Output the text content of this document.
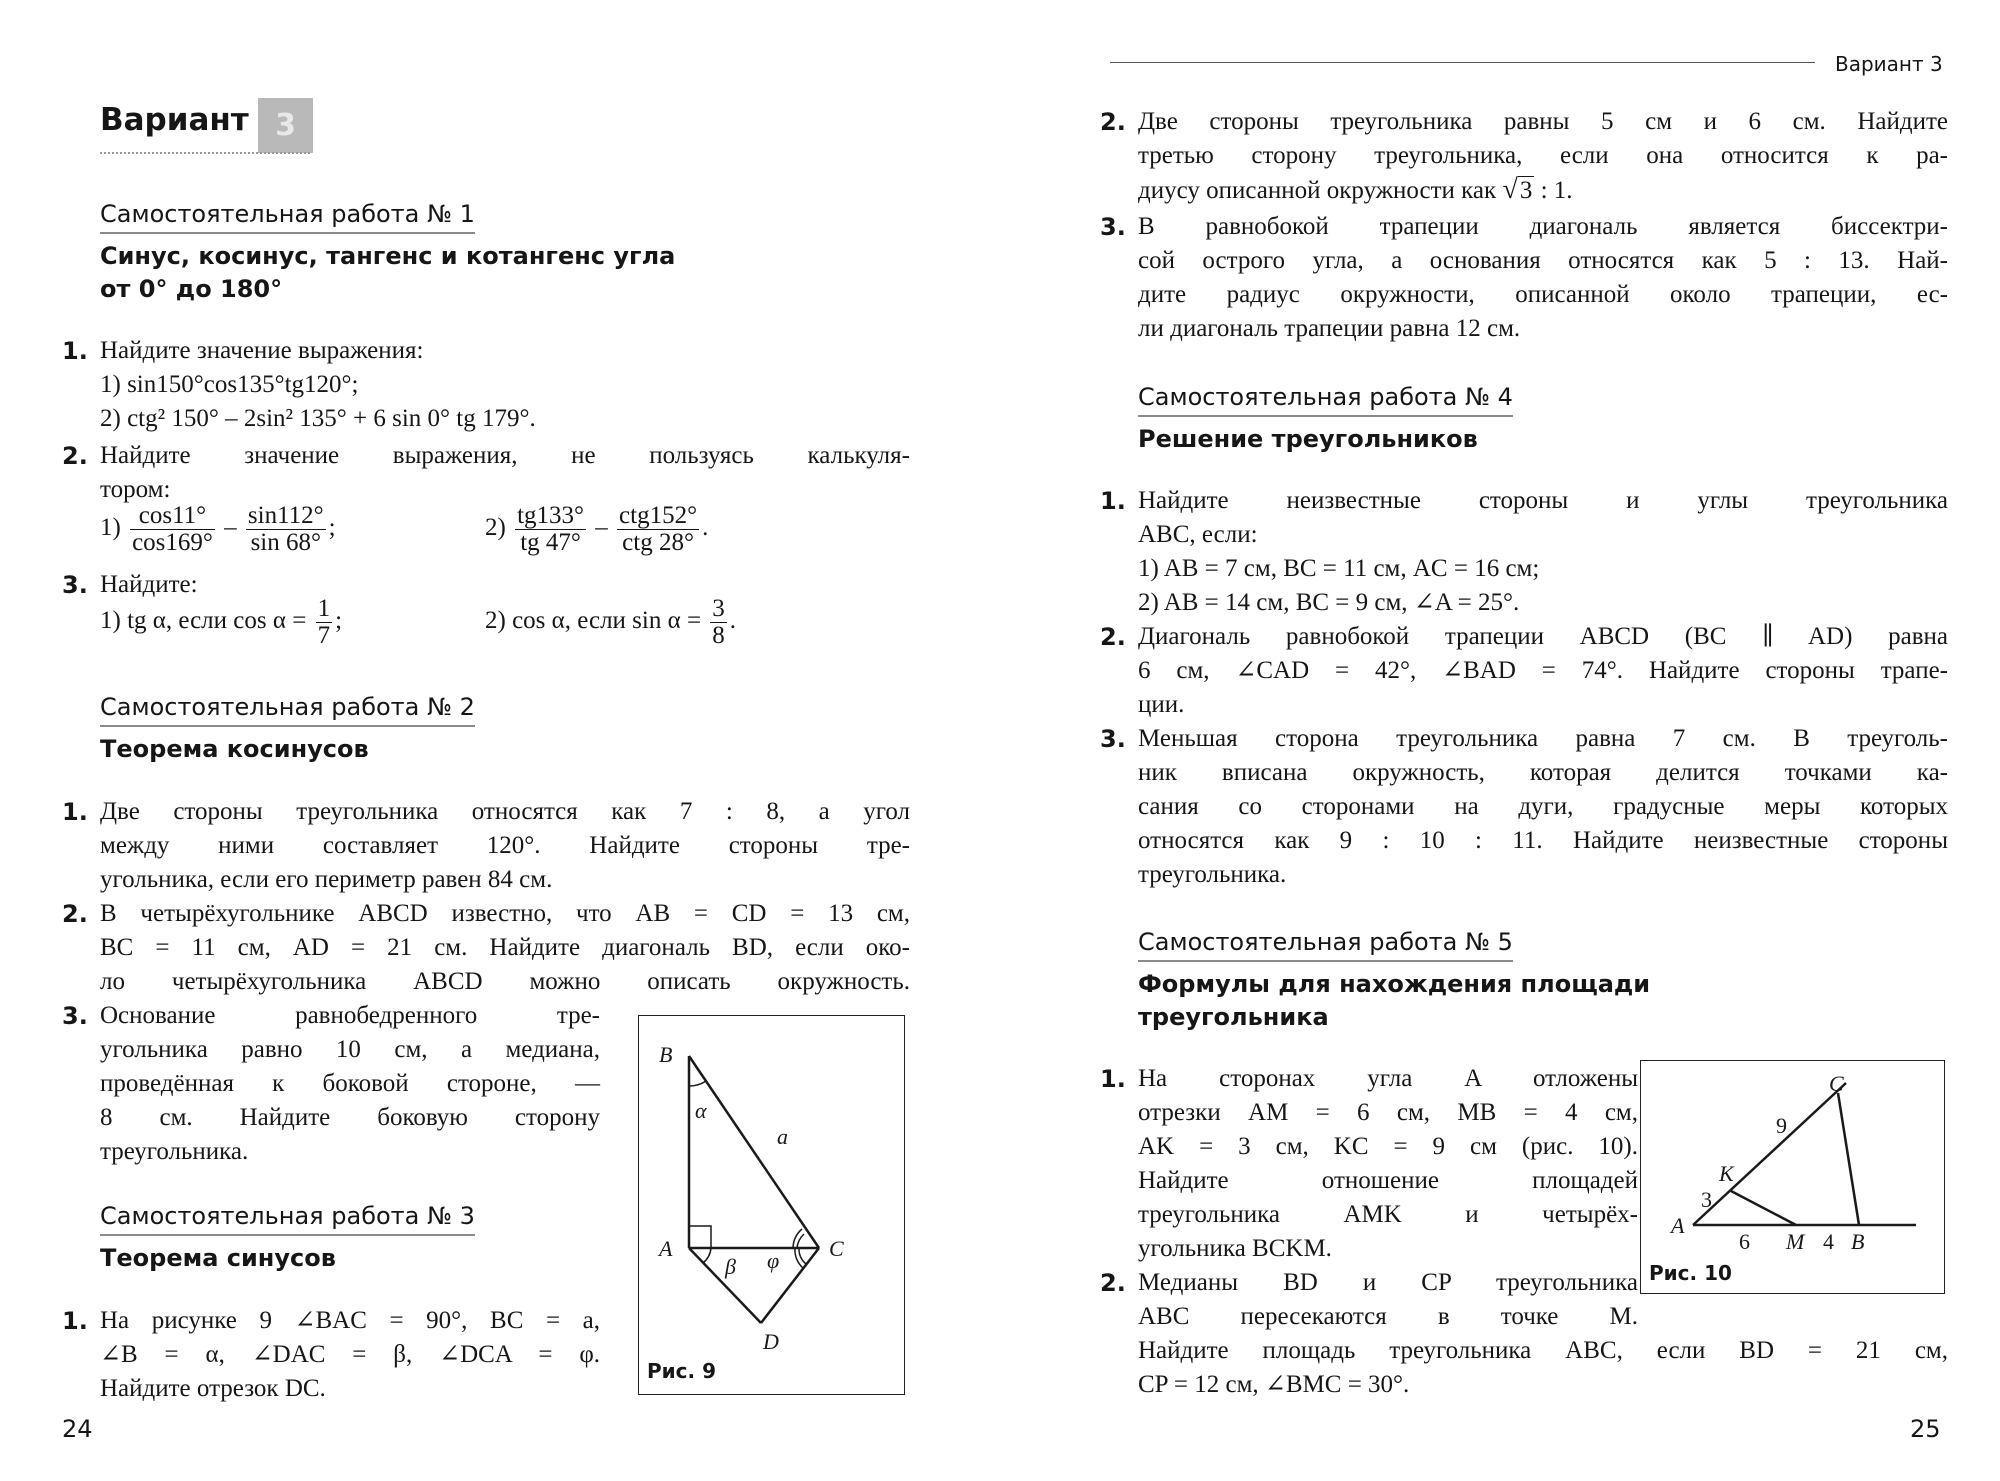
Вариант 3
Самостоятельная работа № 1
Синус, косинус, тангенс и котангенс угла
от 0° до 180°
1. Найдите значение выражения:
1) sin150°cos135°tg120°;
2) ctg² 150° – 2sin² 135° + 6 sin 0° tg 179°.
2. Найдите значение выражения, не пользуясь калькуля-
тором:
$1) \frac{\cos 11^\circ}{\cos 169^\circ} - \frac{\sin 112^\circ}{\sin 68^\circ}$ ;	$2) \frac{tg133^\circ}{tg 47^\circ} - \frac{\text{ctg152°}}{\text{ctg 28°}}$ .
3. Найдите:
1) tg α, если $\cos \alpha = \frac{1}{7}$ ;	2) cos α, если $\sin \alpha = \frac{3}{8}$ .
Самостоятельная работа № 2
Теорема косинусов
1. Две стороны треугольника относятся как 7 : 8, а угол
между ними составляет 120°. Найдите стороны тре-
угольника, если его периметр равен 84 см.
2. В четырёхугольнике ABCD известно, что AB = CD = 13 см,
BC = 11 см, AD = 21 см. Найдите диагональ BD, если око-
ло четырёхугольника ABCD можно описать окружность.
3. Основание равнобедренного тре-
угольника равно 10 см, а медиана,
проведённая к боковой стороне, —
8 см. Найдите боковую сторону
треугольника.
Самостоятельная работа № 3
Теорема синусов
1. На рисунке 9 ∠BAC = 90°, BC = a,
∠B = α, ∠DAC = β, ∠DCA = φ.
Найдите отрезок DC.
B
A	C
D
α
a
β φ
Рис. 9
24
Вариант 3
2. Две стороны треугольника равны 5 см и 6 см. Найдите
третью сторону треугольника, если она относится к ра-
диусу описанной окружности как √3 : 1.
3. В равнобокой трапеции диагональ является биссектри-
сой острого угла, а основания относятся как 5 : 13. Най-
дите радиус окружности, описанной около трапеции, ес-
ли диагональ трапеции равна 12 см.
Самостоятельная работа № 4
Решение треугольников
1. Найдите неизвестные стороны и углы треугольника
ABC, если:
1) AB = 7 см, BC = 11 см, AC = 16 см;
2) AB = 14 см, BC = 9 см, ∠A = 25°.
2. Диагональ равнобокой трапеции ABCD (BC ∥ AD) равна
6 см, ∠CAD = 42°, ∠BAD = 74°. Найдите стороны трапе-
ции.
3. Меньшая сторона треугольника равна 7 см. В треуголь-
ник вписана окружность, которая делится точками ка-
сания со сторонами на дуги, градусные меры которых
относятся как 9 : 10 : 11. Найдите неизвестные стороны
треугольника.
Самостоятельная работа № 5
Формулы для нахождения площади
треугольника
1. На сторонах угла A отложены
отрезки AM = 6 см, MB = 4 см,
AK = 3 см, KC = 9 см (рис. 10).
Найдите отношение площадей
треугольника AMK и четырёх-
угольника BCKM.
2. Медианы BD и CP треугольника
ABC пересекаются в точке M.
Найдите площадь треугольника ABC, если BD = 21 см,
CP = 12 см, ∠BMC = 30°.
C
9
K
3
A
6 M 4 B
Рис. 10
25
